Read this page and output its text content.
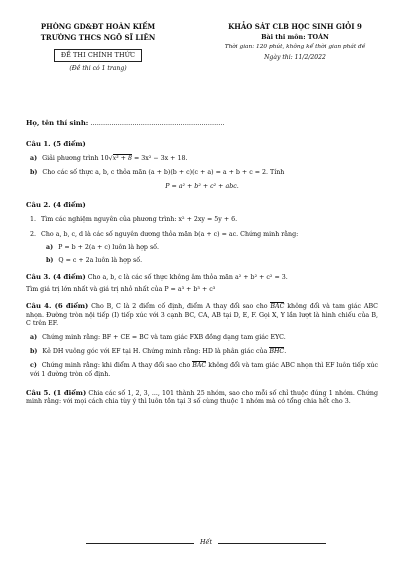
PHÒNG GD&ĐT HOÀN KIẾM
TRƯỜNG THCS NGÔ SĨ LIÊN
ĐỀ THI CHÍNH THỨC
(Đề thi có 1 trang)
KHẢO SÁT CLB HỌC SINH GIỎI 9
Bài thi môn: TOÁN
Thời gian: 120 phút, không kể thời gian phát đề
Ngày thi: 11/2/2022
Họ, tên thí sinh: ................................................................
Câu 1. (5 điểm)
a) Giải phương trình 10√x³ + 8 = 3x² − 3x + 18.
b) Cho các số thực a, b, c thỏa mãn (a + b)(b + c)(c + a) = a + b + c = 2. Tính
P = a² + b² + c² + abc.
Câu 2. (4 điểm)
1. Tìm các nghiệm nguyên của phương trình: x² + 2xy = 5y + 6.
2. Cho a, b, c, d là các số nguyên dương thỏa mãn b(a + c) = ac. Chứng minh rằng:
a) P = b + 2(a + c) luôn là hợp số.
b) Q = c + 2a luôn là hợp số.
Câu 3. (4 điểm) Cho a, b, c là các số thực không âm thỏa mãn a² + b² + c² = 3.
Tìm giá trị lớn nhất và giá trị nhỏ nhất của P = a³ + b³ + c³
Câu 4. (6 điểm) Cho B, C là 2 điểm cố định, điểm A thay đổi sao cho BAC không đổi và tam giác ABC nhọn. Đường tròn nội tiếp (I) tiếp xúc với 3 cạnh BC, CA, AB tại D, E, F. Gọi X, Y lần lượt là hình chiếu của B, C trên EF.
a) Chứng minh rằng: BF + CE = BC và tam giác FXB đồng dạng tam giác EYC.
b) Kẻ DH vuông góc với EF tại H. Chứng minh rằng: HD là phân giác của BHC.
c) Chứng minh rằng: khi điểm A thay đổi sao cho BAC không đổi và tam giác ABC nhọn thì EF luôn tiếp xúc với 1 đường tròn cố định.
Câu 5. (1 điểm) Chia các số 1, 2, 3, ..., 101 thành 25 nhóm, sao cho mỗi số chỉ thuộc đúng 1 nhóm. Chứng minh rằng: với mọi cách chia tùy ý thì luôn tồn tại 3 số cùng thuộc 1 nhóm mà có tổng chia hết cho 3.
Hết
